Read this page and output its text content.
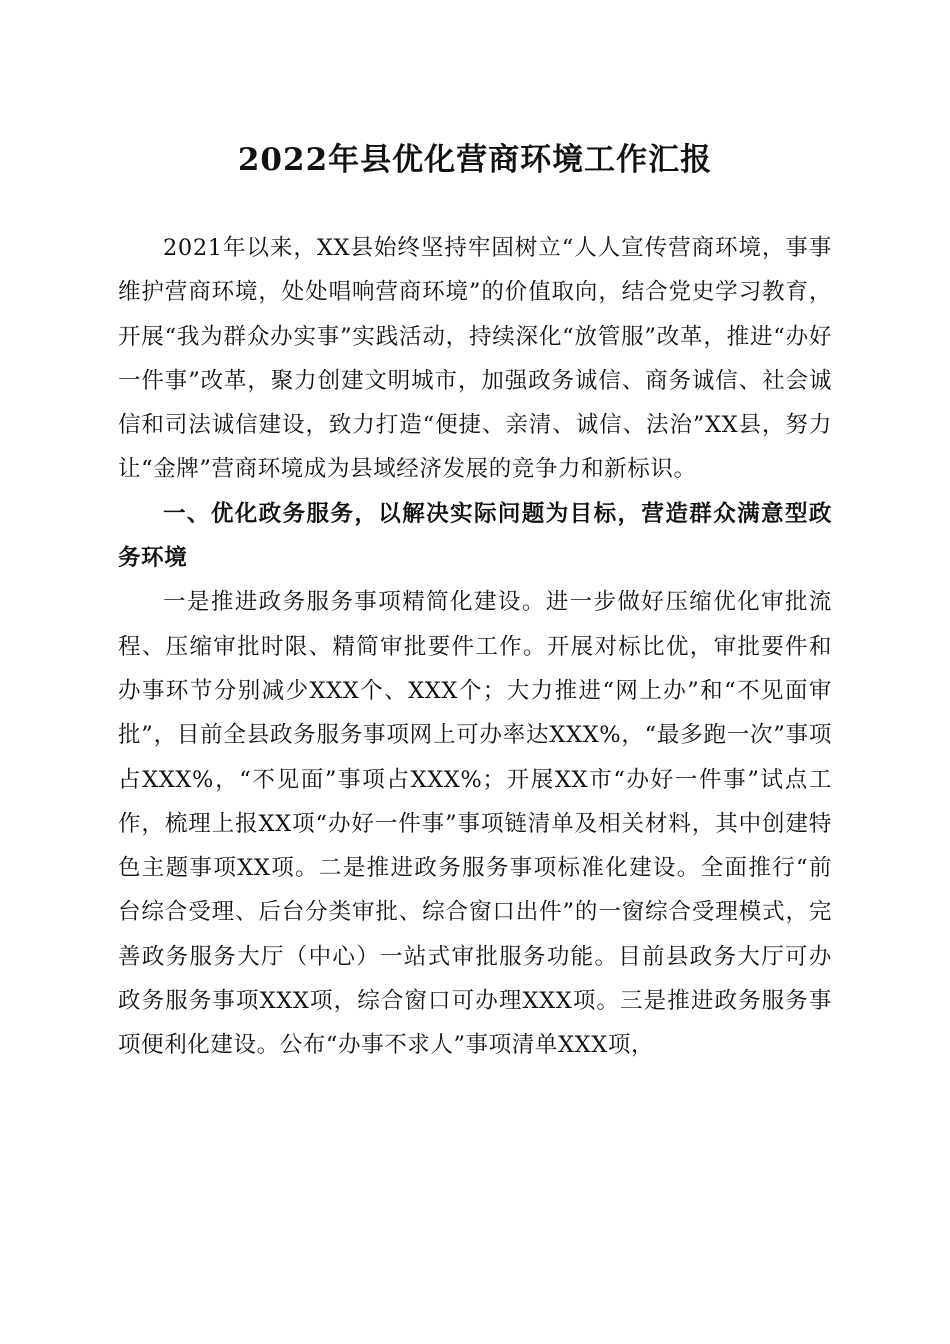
2022年县优化营商环境工作汇报

2021年以来，XX县始终坚持牢固树立“人人宣传营商环境，事事维护营商环境，处处唱响营商环境”的价值取向，结合党史学习教育，开展“我为群众办实事”实践活动，持续深化“放管服”改革，推进“办好一件事”改革，聚力创建文明城市，加强政务诚信、商务诚信、社会诚信和司法诚信建设，致力打造“便捷、亲清、诚信、法治”XX县，努力让“金牌”营商环境成为县域经济发展的竞争力和新标识。

一、优化政务服务，以解决实际问题为目标，营造群众满意型政务环境

一是推进政务服务事项精简化建设。进一步做好压缩优化审批流程、压缩审批时限、精简审批要件工作。开展对标比优，审批要件和办事环节分别减少XXX个、XXX个；大力推进“网上办”和“不见面审批”，目前全县政务服务事项网上可办率达XXX%，“最多跑一次”事项占XXX%，“不见面”事项占XXX%；开展XX市“办好一件事”试点工作，梳理上报XX项“办好一件事”事项链清单及相关材料，其中创建特色主题事项XX项。二是推进政务服务事项标准化建设。全面推行“前台综合受理、后台分类审批、综合窗口出件”的一窗综合受理模式，完善政务服务大厅（中心）一站式审批服务功能。目前县政务大厅可办政务服务事项XXX项，综合窗口可办理XXX项。三是推进政务服务事项便利化建设。公布“办事不求人”事项清单XXX项，
